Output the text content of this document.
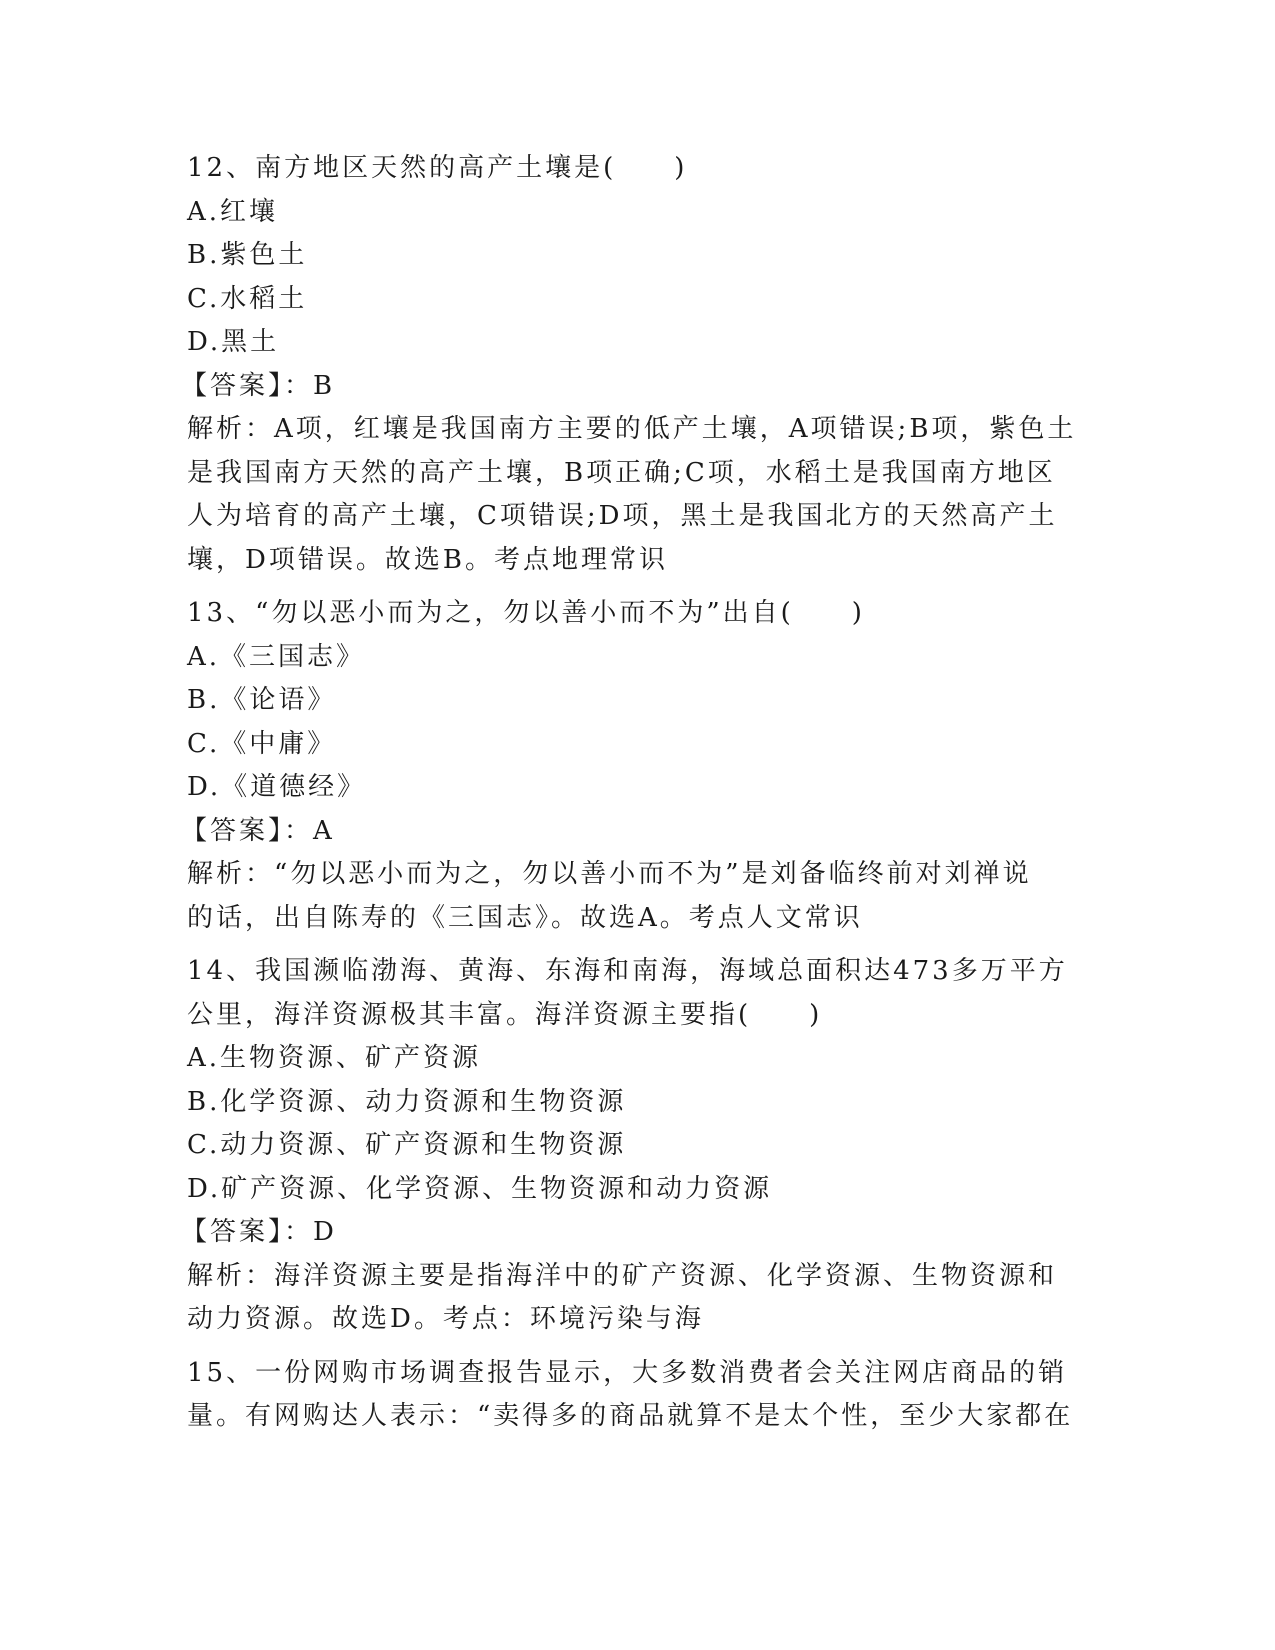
12、南方地区天然的高产土壤是(　　)
A.红壤
B.紫色土
C.水稻土
D.黑土
【答案】：B
解析：A项，红壤是我国南方主要的低产土壤，A项错误;B项，紫色土
是我国南方天然的高产土壤，B项正确;C项，水稻土是我国南方地区
人为培育的高产土壤，C项错误;D项，黑土是我国北方的天然高产土
壤，D项错误。故选B。考点地理常识
13、“勿以恶小而为之，勿以善小而不为”出自(　　)
A.《三国志》
B.《论语》
C.《中庸》
D.《道德经》
【答案】：A
解析：“勿以恶小而为之，勿以善小而不为”是刘备临终前对刘禅说
的话，出自陈寿的《三国志》。故选A。考点人文常识
14、我国濒临渤海、黄海、东海和南海，海域总面积达473多万平方
公里，海洋资源极其丰富。海洋资源主要指(　　)
A.生物资源、矿产资源
B.化学资源、动力资源和生物资源
C.动力资源、矿产资源和生物资源
D.矿产资源、化学资源、生物资源和动力资源
【答案】：D
解析：海洋资源主要是指海洋中的矿产资源、化学资源、生物资源和
动力资源。故选D。考点：环境污染与海
15、一份网购市场调查报告显示，大多数消费者会关注网店商品的销
量。有网购达人表示：“卖得多的商品就算不是太个性，至少大家都在
